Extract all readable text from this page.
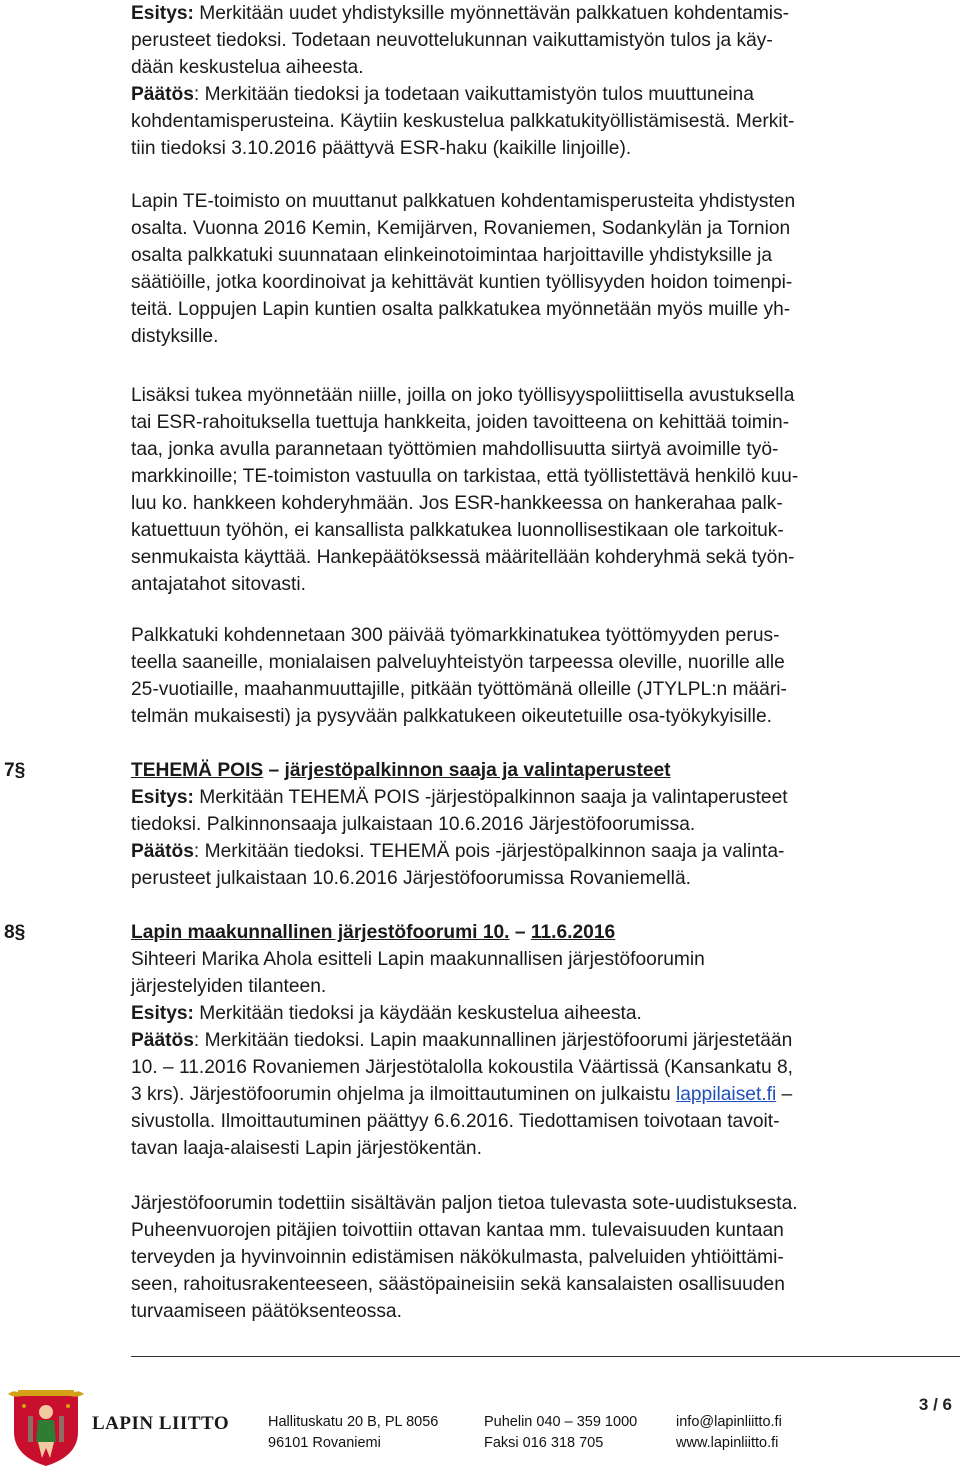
Esitys: Merkitään uudet yhdistyksille myönnettävän palkkatuen kohdentamis-

perusteet tiedoksi. Todetaan neuvottelukunnan vaikuttamistyön tulos ja käy-

dään keskustelua aiheesta.

Päätös: Merkitään tiedoksi ja todetaan vaikuttamistyön tulos muuttuneina

kohdentamisperusteina. Käytiin keskustelua palkkatukityöllistämisestä. Merkit-

tiin tiedoksi 3.10.2016 päättyvä ESR-haku (kaikille linjoille).

Lapin TE-toimisto on muuttanut palkkatuen kohdentamisperusteita yhdistysten

osalta. Vuonna 2016 Kemin, Kemijärven, Rovaniemen, Sodankylän ja Tornion

osalta palkkatuki suunnataan elinkeinotoimintaa harjoittaville yhdistyksille ja

säätiöille, jotka koordinoivat ja kehittävät kuntien työllisyyden hoidon toimenpi-

teitä. Loppujen Lapin kuntien osalta palkkatukea myönnetään myös muille yh-

distyksille.

Lisäksi tukea myönnetään niille, joilla on joko työllisyyspoliittisella avustuksella

tai ESR-rahoituksella tuettuja hankkeita, joiden tavoitteena on kehittää toimin-

taa, jonka avulla parannetaan työttömien mahdollisuutta siirtyä avoimille työ-

markkinoille; TE-toimiston vastuulla on tarkistaa, että työllistettävä henkilö kuu-

luu ko. hankkeen kohderyhmään. Jos ESR-hankkeessa on hankerahaa palk-

katuettuun työhön, ei kansallista palkkatukea luonnollisestikaan ole tarkoituk-

senmukaista käyttää. Hankepäätöksessä määritellään kohderyhmä sekä työn-

antajatahot sitovasti.

Palkkatuki kohdennetaan 300 päivää työmarkkinatukea työttömyyden perus-

teella saaneille, monialaisen palveluyhteistyön tarpeessa oleville, nuorille alle

25-vuotiaille, maahanmuuttajille, pitkään työttömänä olleille (JTYLPL:n määri-

telmän mukaisesti) ja pysyvään palkkatukeen oikeutetuille osa-työkykyisille.

7§	TEHEMÄ POIS – järjestöpalkinnon saaja ja valintaperusteet

Esitys: Merkitään TEHEMÄ POIS -järjestöpalkinnon saaja ja valintaperusteet

tiedoksi. Palkinnonsaaja julkaistaan 10.6.2016 Järjestöfoorumissa.

Päätös: Merkitään tiedoksi. TEHEMÄ pois -järjestöpalkinnon saaja ja valinta-

perusteet julkaistaan 10.6.2016 Järjestöfoorumissa Rovaniemellä.

8§	Lapin maakunnallinen järjestöfoorumi 10. – 11.6.2016

Sihteeri Marika Ahola esitteli Lapin maakunnallisen järjestöfoorumin

järjestelyiden tilanteen.

Esitys: Merkitään tiedoksi ja käydään keskustelua aiheesta.

Päätös: Merkitään tiedoksi. Lapin maakunnallinen järjestöfoorumi järjestetään

10. – 11.2016 Rovaniemen Järjestötalolla kokoustila Väärtissä (Kansankatu 8,

3 krs). Järjestöfoorumin ohjelma ja ilmoittautuminen on julkaistu lappilaiset.fi –

sivustolla. Ilmoittautuminen päättyy 6.6.2016. Tiedottamisen toivotaan tavoit-

tavan laaja-alaisesti Lapin järjestökentän.

Järjestöfoorumin todettiin sisältävän paljon tietoa tulevasta sote-uudistuksesta.

Puheenvuorojen pitäjien toivottiin ottavan kantaa mm. tulevaisuuden kuntaan

terveyden ja hyvinvoinnin edistämisen näkökulmasta, palveluiden yhtiöittämi-

seen, rahoitusrakenteeseen, säästöpaineisiin sekä kansalaisten osallisuuden

turvaamiseen päätöksenteossa.

3 / 6
LAPIN LIITTO	Hallituskatu 20 B, PL 8056
96101 Rovaniemi
Puhelin 040 – 359 1000
Faksi 016 318 705
info@lapinliitto.fi
www.lapinliitto.fi
